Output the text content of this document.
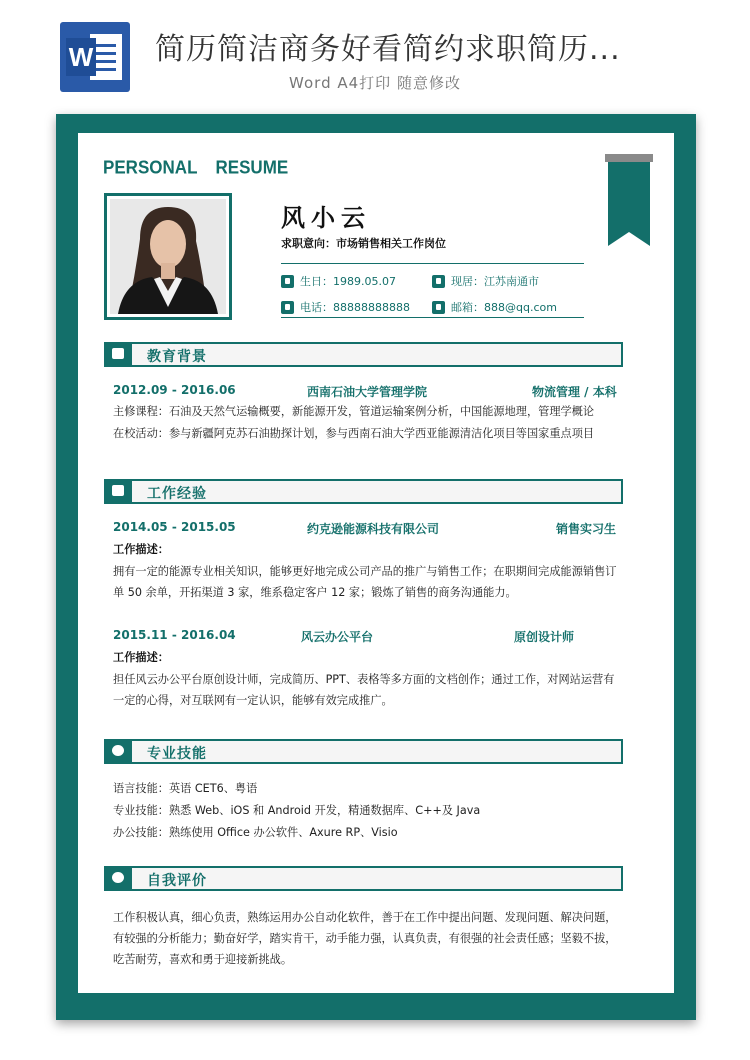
W 简历简洁商务好看简约求职简历...
Word A4打印 随意修改
PERSONAL RESUME
风小云
求职意向：市场销售相关工作岗位
生日：1989.05.07	现居：江苏南通市
电话：88888888888	邮箱：888@qq.com
教育背景
2012.09 - 2016.06	西南石油大学管理学院	物流管理 / 本科
主修课程：石油及天然气运输概要，新能源开发，管道运输案例分析，中国能源地理，管理学概论
在校活动：参与新疆阿克苏石油勘探计划，参与西南石油大学西亚能源清洁化项目等国家重点项目
工作经验
2014.05 - 2015.05	约克逊能源科技有限公司	销售实习生
工作描述：
拥有一定的能源专业相关知识，能够更好地完成公司产品的推广与销售工作；在职期间完成能源销售订单 50 余单，开拓渠道 3 家，维系稳定客户 12 家；锻炼了销售的商务沟通能力。
2015.11 - 2016.04	风云办公平台	原创设计师
工作描述：
担任风云办公平台原创设计师，完成简历、PPT、表格等多方面的文档创作；通过工作，对网站运营有一定的心得，对互联网有一定认识，能够有效完成推广。
专业技能
语言技能：英语 CET6、粤语
专业技能：熟悉 Web、iOS 和 Android 开发，精通数据库、C++及 Java
办公技能：熟练使用 Office 办公软件、Axure RP、Visio
自我评价
工作积极认真，细心负责，熟练运用办公自动化软件，善于在工作中提出问题、发现问题、解决问题，有较强的分析能力；勤奋好学，踏实肯干，动手能力强，认真负责，有很强的社会责任感；坚毅不拔，吃苦耐劳，喜欢和勇于迎接新挑战。
